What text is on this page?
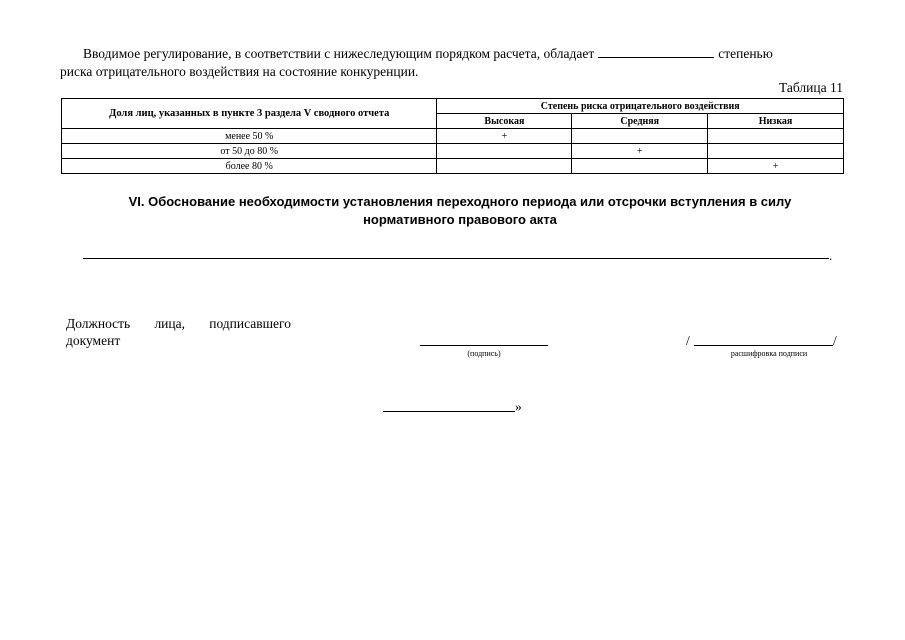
Вводимое регулирование, в соответствии с нижеследующим порядком расчета, обладает	степенью
риска отрицательного воздействия на состояние конкуренции.
Таблица 11
Доля лиц, указанных в пункте 3 раздела V сводного отчета	Степень риска отрицательного воздействия		
	Высокая	Средняя	Низкая
менее 50 %	+		
от 50 до 80 %		+	
более 80 %			+
VI. Обоснование необходимости установления переходного периода или отсрочки вступления в силу нормативного правового акта
.
Должность лица, подписавшего документ
(подпись)
/	/
расшифровка подписи
»
